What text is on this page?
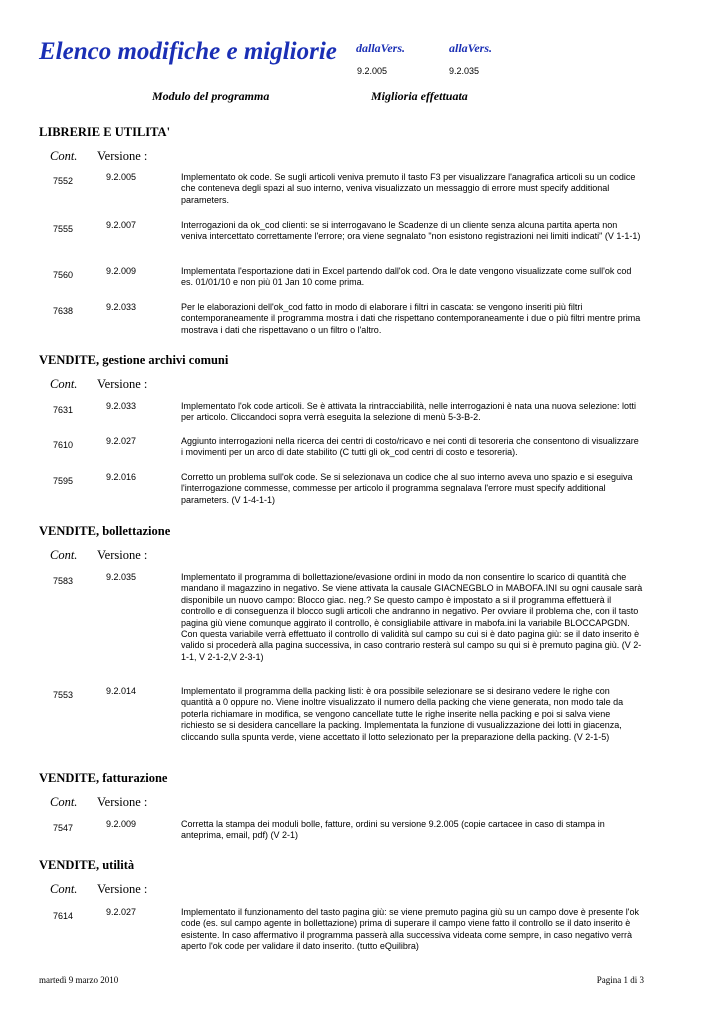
Elenco modifiche e migliorie dallaVers.
9.2.005
allaVers.
9.2.035
Modulo del programma	Miglioria effettuata
LIBRERIE E UTILITA'
Cont. Versione :
7552	9.2.005	Implementato ok code. Se sugli articoli veniva premuto il tasto F3 per visualizzare l'anagrafica articoli su un codice che conteneva degli spazi al suo interno, veniva visualizzato un messaggio di errore must specify additional parameters.
7555	9.2.007	Interrogazioni da ok_cod clienti: se si interrogavano le Scadenze di un cliente senza alcuna partita aperta non veniva intercettato correttamente l'errore; ora viene segnalato "non esistono registrazioni nei limiti indicati" (V 1-1-1)
7560	9.2.009	Implementata l'esportazione dati in Excel partendo dall'ok cod. Ora le date vengono visualizzate come sull'ok cod es. 01/01/10 e non più 01 Jan 10 come prima.
7638	9.2.033	Per le elaborazioni dell'ok_cod fatto in modo di elaborare i filtri in cascata: se vengono inseriti più filtri contemporaneamente il programma mostra i dati che rispettano contemporaneamente i due o più filtri mentre prima mostrava i dati che rispettavano o un filtro o l'altro.
VENDITE, gestione archivi comuni
Cont. Versione :
7631	9.2.033	Implementato l'ok code articoli. Se è attivata la rintracciabilità, nelle interrogazioni è nata una nuova selezione: lotti per articolo. Cliccandoci sopra verrà eseguita la selezione di menù 5-3-B-2.
7610	9.2.027	Aggiunto interrogazioni nella ricerca dei centri di costo/ricavo e nei conti di tesoreria che consentono di visualizzare i movimenti per un arco di date stabilito (C tutti gli ok_cod centri di costo e tesoreria).
7595	9.2.016	Corretto un problema sull'ok code. Se si selezionava un codice che al suo interno aveva uno spazio e si eseguiva l'interrogazione commesse, commesse per articolo il programma segnalava l'errore must specify additional parameters. (V 1-4-1-1)
VENDITE, bollettazione
Cont. Versione :
7583	9.2.035	Implementato il programma di bollettazione/evasione ordini in modo da non consentire lo scarico di quantità che mandano il magazzino in negativo. Se viene attivata la causale GIACNEGBLO in MABOFA.INI su ogni causale sarà disponibile un nuovo campo: Blocco giac. neg.? Se questo campo è impostato a si il programma effettuerà il controllo e di conseguenza il blocco sugli articoli che andranno in negativo. Per ovviare il problema che, con il tasto pagina giù viene comunque aggirato il controllo, è consigliabile attivare in mabofa.ini la variabile BLOCCAPGDN. Con questa variabile verrà effettuato il controllo di validità sul campo su cui si è dato pagina giù: se il dato inserito è valido si procederà alla pagina successiva, in caso contrario resterà sul campo su qui si è premuto pagina giù. (V 2-1-1, V 2-1-2,V 2-3-1)
7553	9.2.014	Implementato il programma della packing listi: è ora possibile selezionare se si desirano vedere le righe con quantità a 0 oppure no. Viene inoltre visualizzato il numero della packing che viene generata, non modo tale da poterla richiamare in modifica, se vengono cancellate tutte le righe inserite nella packing e poi si salva viene richiesto se si desidera cancellare la packing. Implementata la funzione di vusualizzazione dei lotti in giacenza, cliccando sulla spunta verde, viene accettato il lotto selezionato per la preparazione della packing. (V 2-1-5)
VENDITE, fatturazione
Cont. Versione :
7547	9.2.009	Corretta la stampa dei moduli bolle, fatture, ordini su versione 9.2.005 (copie cartacee in caso di stampa in anteprima, email, pdf) (V 2-1)
VENDITE, utilità
Cont. Versione :
7614	9.2.027	Implementato il funzionamento del tasto pagina giù: se viene premuto pagina giù su un campo dove è presente l'ok code (es. sul campo agente in bollettazione) prima di superare il campo viene fatto il controllo se il dato inserito è esistente. In caso affermativo il programma passerà alla successiva videata come sempre, in caso negativo verrà aperto l'ok code per validare il dato inserito. (tutto eQuilibra)
martedì 9 marzo 2010	Pagina 1 di 3
